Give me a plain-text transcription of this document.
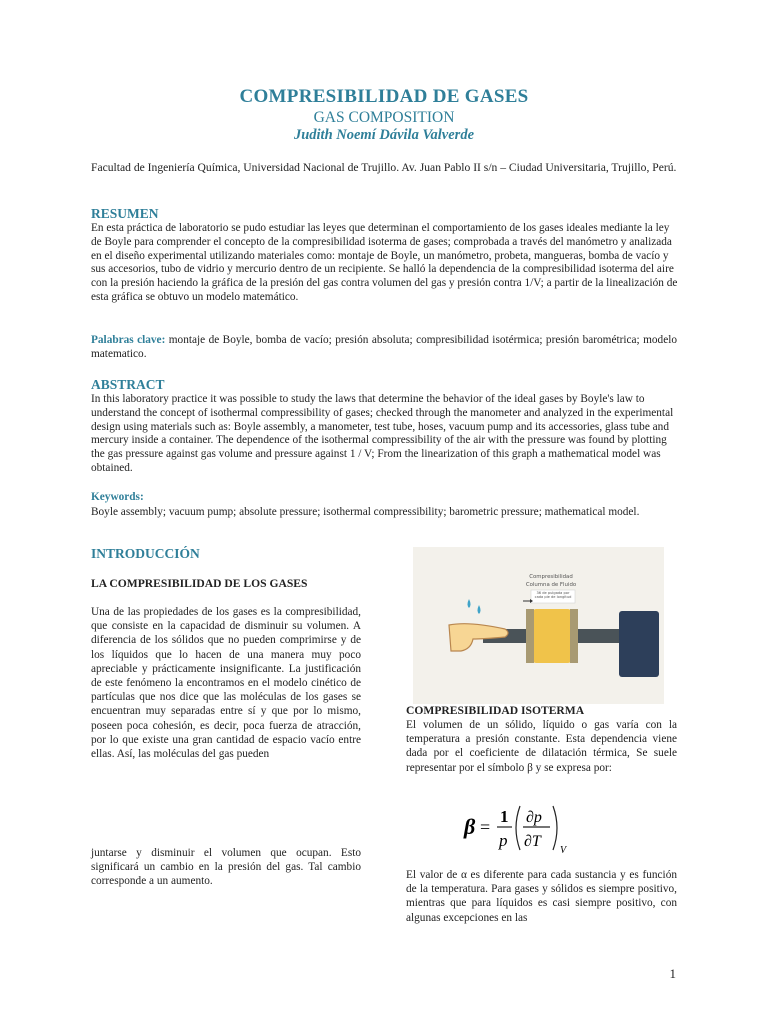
COMPRESIBILIDAD DE GASES
GAS COMPOSITION
Judith Noemí Dávila Valverde
Facultad de Ingeniería Química, Universidad Nacional de Trujillo. Av. Juan Pablo II s/n – Ciudad Universitaria, Trujillo, Perú.
RESUMEN
En esta práctica de laboratorio se pudo estudiar las leyes que determinan el comportamiento de los gases ideales mediante la ley de Boyle para comprender el concepto de la compresibilidad isoterma de gases; comprobada a través del manómetro y analizada en el diseño experimental utilizando materiales como: montaje de Boyle, un manómetro, probeta, mangueras, bomba de vacío y sus accesorios, tubo de vidrio y mercurio dentro de un recipiente. Se halló la dependencia de la compresibilidad isoterma del aire con la presión haciendo la gráfica de la presión del gas contra volumen del gas y presión contra 1/V; a partir de la linealización de esta gráfica se obtuvo un modelo matemático.
Palabras clave: montaje de Boyle, bomba de vacío; presión absoluta; compresibilidad isotérmica; presión barométrica; modelo matematico.
ABSTRACT
In this laboratory practice it was possible to study the laws that determine the behavior of the ideal gases by Boyle's law to understand the concept of isothermal compressibility of gases; checked through the manometer and analyzed in the experimental design using materials such as: Boyle assembly, a manometer, test tube, hoses, vacuum pump and its accessories, glass tube and mercury inside a container. The dependence of the isothermal compressibility of the air with the pressure was found by plotting the gas pressure against gas volume and pressure against 1 / V; From the linearization of this graph a mathematical model was obtained.
Keywords:
Boyle assembly; vacuum pump; absolute pressure; isothermal compressibility; barometric pressure; mathematical model.
INTRODUCCIÓN
LA COMPRESIBILIDAD DE LOS GASES
Una de las propiedades de los gases es la compresibilidad, que consiste en la capacidad de disminuir su volumen. A diferencia de los sólidos que no pueden comprimirse y de los líquidos que lo hacen de una manera muy poco apreciable y prácticamente insignificante. La justificación de este fenómeno la encontramos en el modelo cinético de partículas que nos dice que las moléculas de los gases se encuentran muy separadas entre sí y que por lo mismo, poseen poca cohesión, es decir, poca fuerza de atracción, por lo que existe una gran cantidad de espacio vacío entre ellas. Así, las moléculas del gas pueden
juntarse y disminuir el volumen que ocupan. Esto significará un cambio en la presión del gas. Tal cambio corresponde a un aumento.
Compresibilidad
Columna de Fluido
36 de pulgada por cada pie de longitud
COMPRESIBILIDAD ISOTERMA
El volumen de un sólido, líquido o gas varía con la temperatura a presión constante. Esta dependencia viene dada por el coeficiente de dilatación térmica, Se suele representar por el símbolo β y se expresa por:
β =
1
p
∂p
∂T
V
El valor de α es diferente para cada sustancia y es función de la temperatura. Para gases y sólidos es siempre positivo, mientras que para líquidos es casi siempre positivo, con algunas excepciones en las
1
